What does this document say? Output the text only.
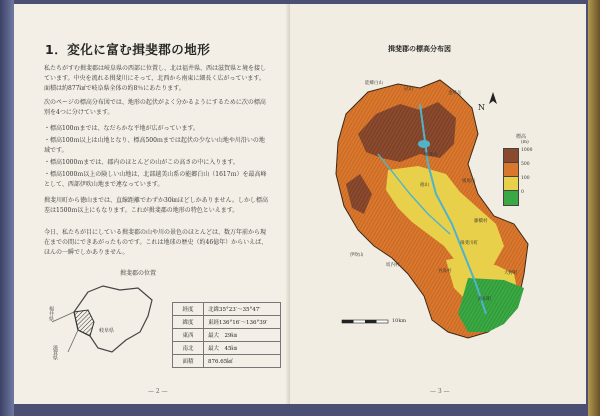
1．変化に富む揖斐郡の地形
私たちがすむ揖斐郡は岐阜県の西部に位置し、北は福井県、西は滋賀県と境を接しています。中央を流れる揖斐川にそって、北西から南東に細長く広がっています。面積は約877㎢で岐阜県全体の約8％にあたります。
次のページの標高分布図では、地形の起伏がよく分かるようにするために次の標高別を4つに分けています。
・標高100ｍまでは、なだらかな平地が広がっています。
・標高100ｍ以上は山地となり、標高500ｍまでは起伏の少ない山地や川沿いの地域です。
・標高1000ｍまでは、郡内のほとんどの山がこの高さの中に入ります。
・標高1000ｍ以上の険しい山地は、北部越美山系の能郷白山（1617ｍ）を最高峰として、西部伊吹山地まで連なっています。
揖斐川町から徳山までは、直線距離でわずか30㎞ほどしかありません。しかし標高差は1500ｍ以上にもなります。これが揖斐郡の地形の特色といえます。
今日、私たちが目にしている揖斐郡の山や川の景色のほとんどは、数万年前から現在までの間にできあがったものです。これは地球の歴史（約46億年）からいえば、ほんの一瞬でしかありません。
揖斐郡の位置
岐阜県
福井県
滋賀県
経度	北緯35°23′〜35°47′
緯度	東経136°16′〜136°39′
東西	最大　29㎞
南北	最大　45㎞
面積	876.65㎢
— 2 —
揖斐郡の標高分布図
N
標高
(m)
1000
500
100
0
10km
能郷白山
冠山
金草岳
揖斐川
根尾川
徳山
伊吹山
揖斐川町
谷汲村
池田町
大野町
藤橋村
坂内村
— 3 —
